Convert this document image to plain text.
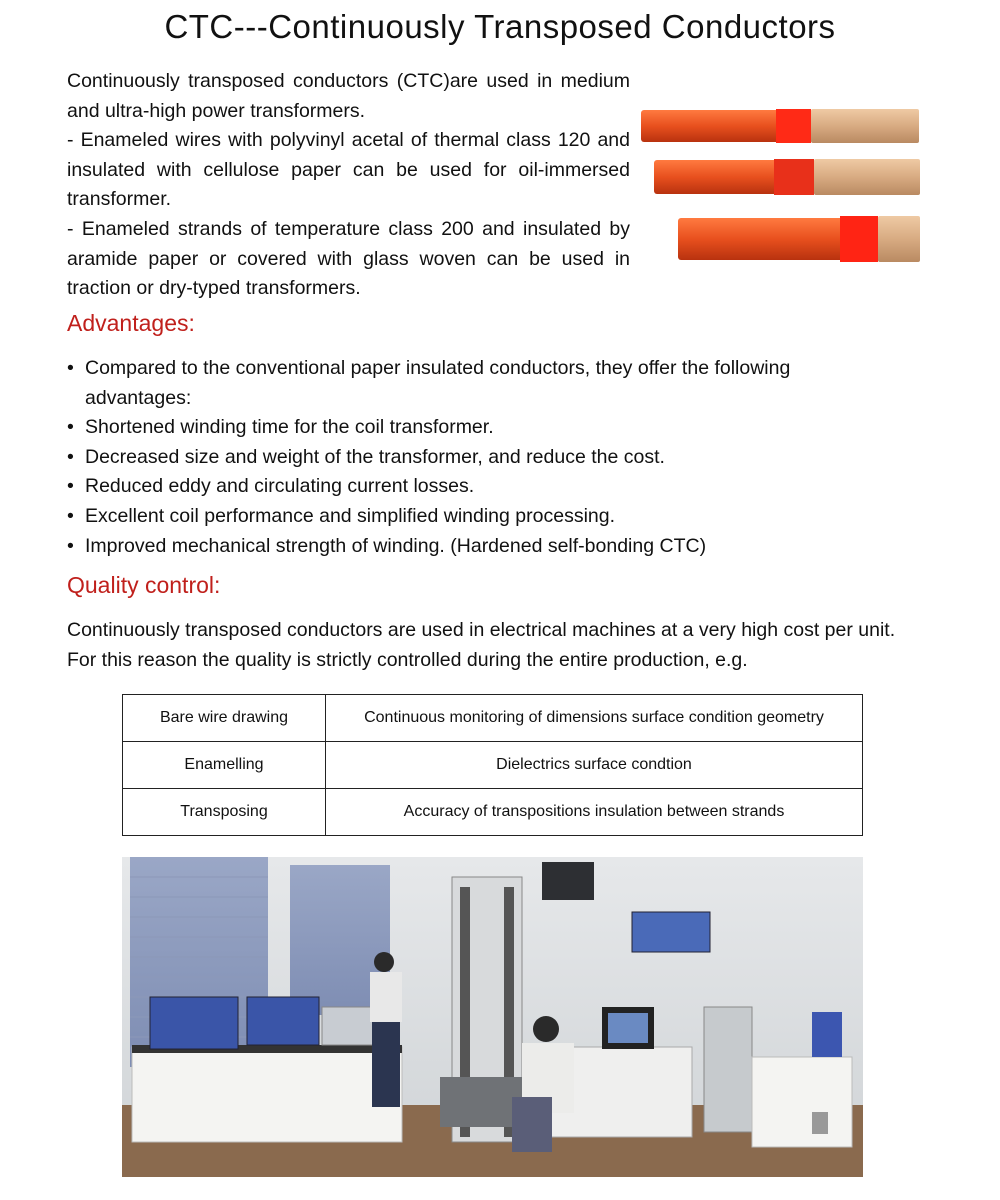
CTC---Continuously Transposed Conductors

Continuously transposed conductors (CTC)are used in medium and ultra-high power transformers.

- Enameled wires with polyvinyl acetal of thermal class 120 and insulated with cellulose paper can be used for oil-immersed transformer.

- Enameled strands of temperature class 200 and insulated by aramide paper or covered with glass woven can be used in traction or dry-typed transformers.

Advantages:
• Compared to the conventional paper insulated conductors, they offer the following advantages:
• Shortened winding time for the coil transformer.
• Decreased size and weight of the transformer, and reduce the cost.
• Reduced eddy and circulating current losses.
• Excellent coil performance and simplified winding processing.
• Improved mechanical strength of winding. (Hardened self-bonding CTC)
Quality control:
Continuously transposed conductors are used in electrical machines at a very high cost per unit. For this reason the quality is strictly controlled during the entire production, e.g.
Bare wire drawing	Continuous monitoring of dimensions surface condition geometry
Enamelling	Dielectrics surface condtion
Transposing	Accuracy of transpositions insulation between strands
